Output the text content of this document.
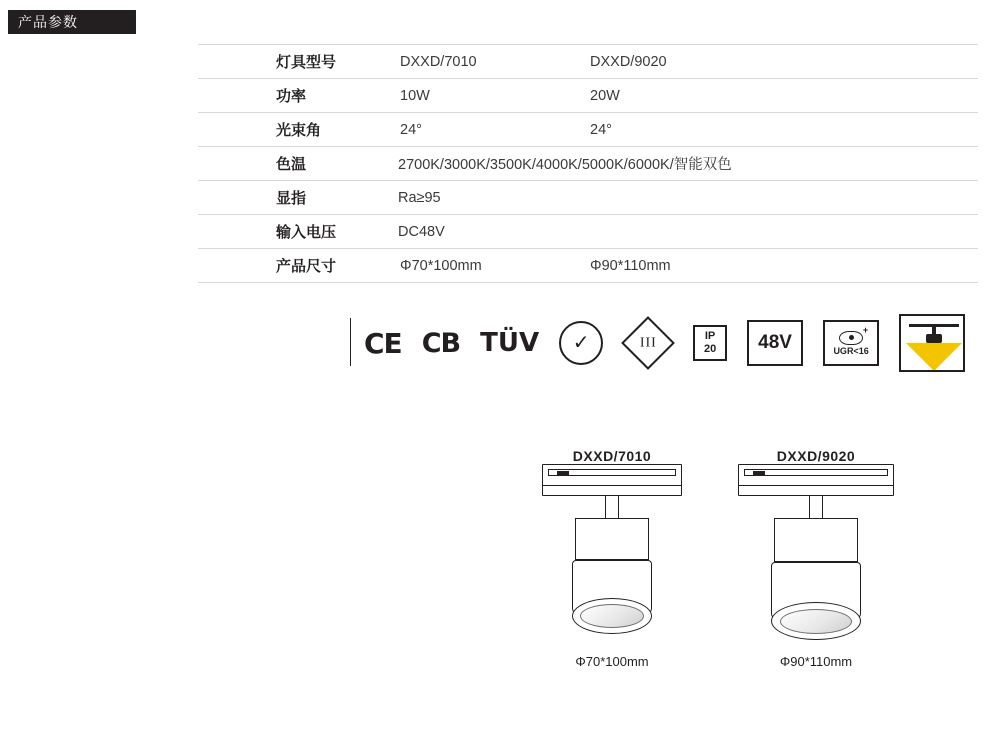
产品参数
灯具型号	DXXD/7010	DXXD/9020
功率	10W	20W
光束角	24°	24°
色温	2700K/3000K/3500K/4000K/5000K/6000K/智能双色	
显指	Ra≥95	
输入电压	DC48V	
产品尺寸	Φ70*100mm	Φ90*110mm
CE CB TÜV ✓	III	IP
20 48V
+
UGR<16
DXXD/7010
Φ70*100mm
DXXD/9020
Φ90*110mm
